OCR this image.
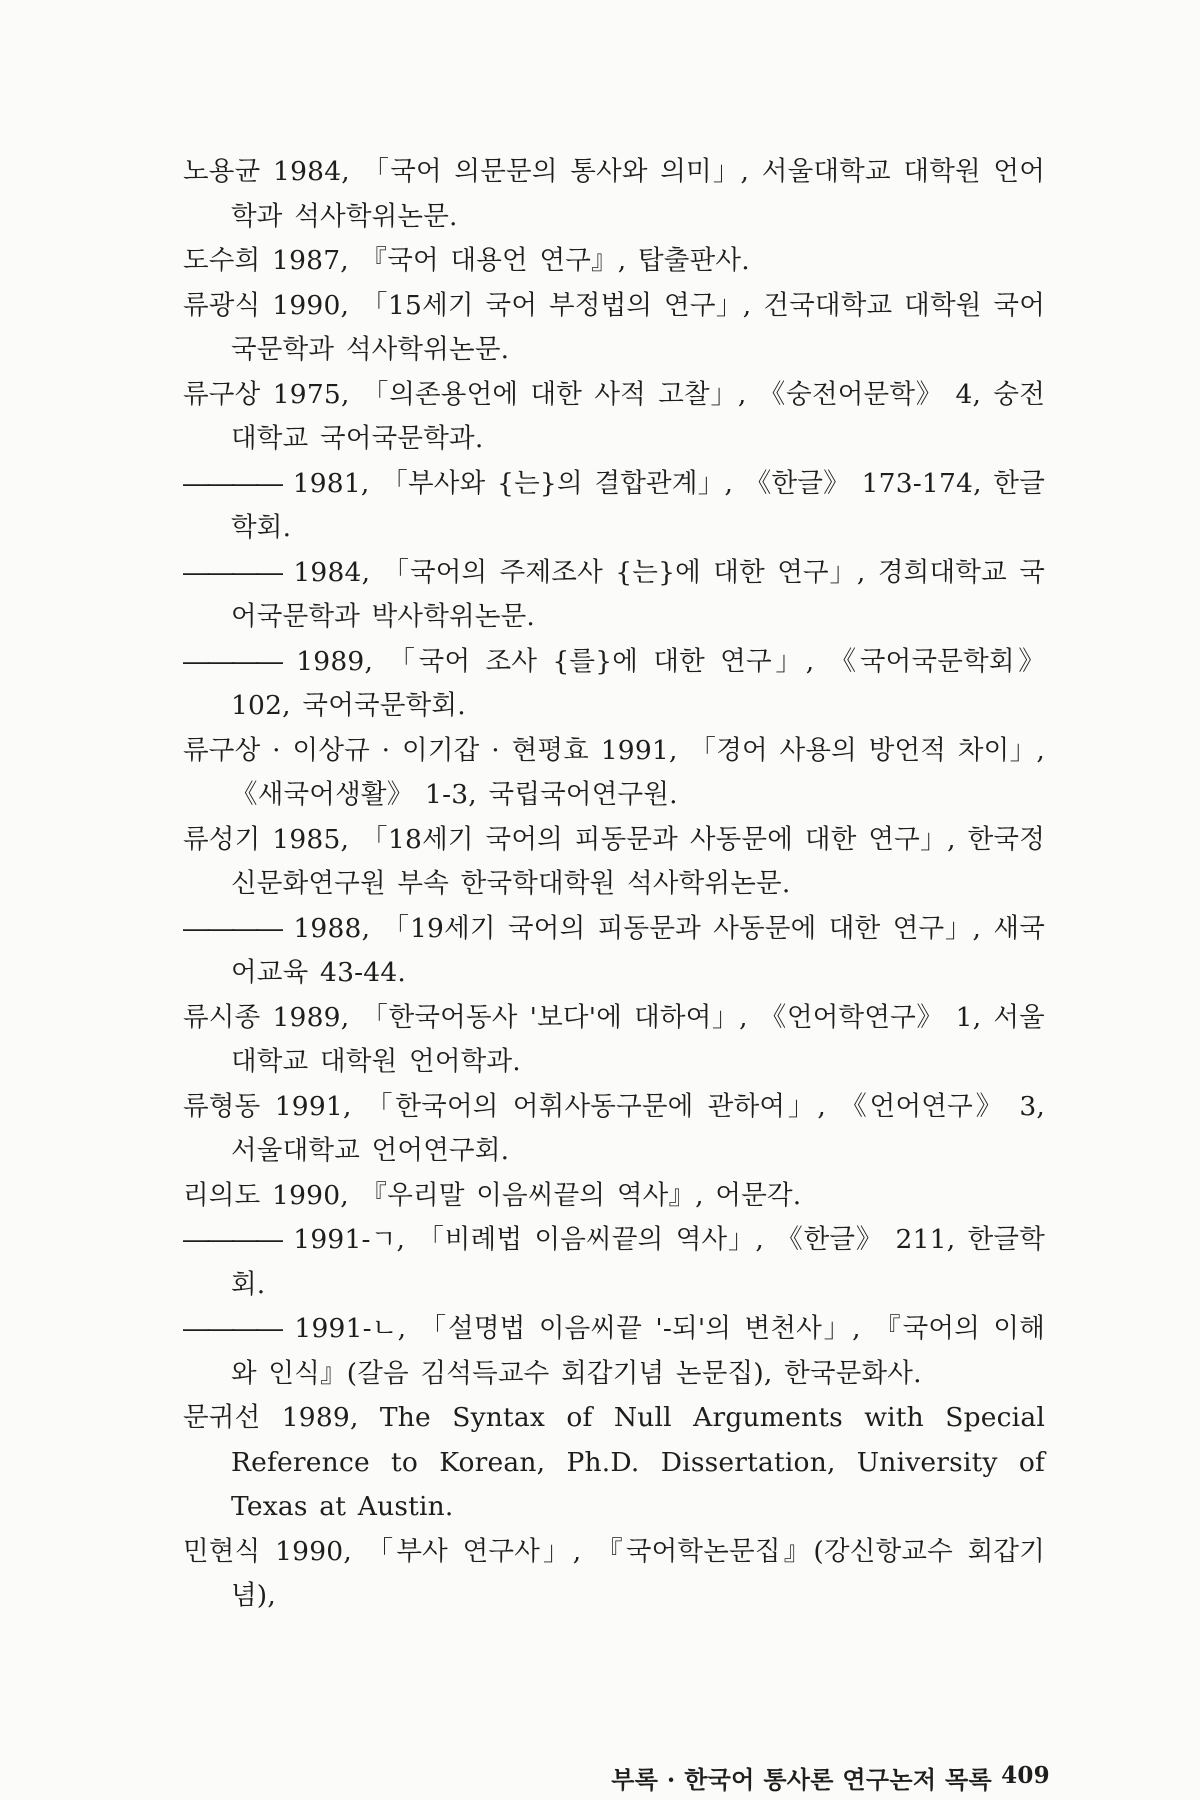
노용균 1984, 「국어 의문문의 통사와 의미」, 서울대학교 대학원 언어학과 석사학위논문.
도수희 1987, 『국어 대용언 연구』, 탑출판사.
류광식 1990, 「15세기 국어 부정법의 연구」, 건국대학교 대학원 국어국문학과 석사학위논문.
류구상 1975, 「의존용언에 대한 사적 고찰」, 《숭전어문학》 4, 숭전대학교 국어국문학과.
―――― 1981, 「부사와 {는}의 결합관계」, 《한글》 173-174, 한글학회.
―――― 1984, 「국어의 주제조사 {는}에 대한 연구」, 경희대학교 국어국문학과 박사학위논문.
―――― 1989, 「국어 조사 {를}에 대한 연구」, 《국어국문학회》 102, 국어국문학회.
류구상 · 이상규 · 이기갑 · 현평효 1991, 「경어 사용의 방언적 차이」, 《새국어생활》 1-3, 국립국어연구원.
류성기 1985, 「18세기 국어의 피동문과 사동문에 대한 연구」, 한국정신문화연구원 부속 한국학대학원 석사학위논문.
―――― 1988, 「19세기 국어의 피동문과 사동문에 대한 연구」, 새국어교육 43-44.
류시종 1989, 「한국어동사 '보다'에 대하여」, 《언어학연구》 1, 서울대학교 대학원 언어학과.
류형동 1991, 「한국어의 어휘사동구문에 관하여」, 《언어연구》 3, 서울대학교 언어연구회.
리의도 1990, 『우리말 이음씨끝의 역사』, 어문각.
―――― 1991-ㄱ, 「비례법 이음씨끝의 역사」, 《한글》 211, 한글학회.
―――― 1991-ㄴ, 「설명법 이음씨끝 '-되'의 변천사」, 『국어의 이해와 인식』(갈음 김석득교수 회갑기념 논문집), 한국문화사.
문귀선 1989, The Syntax of Null Arguments with Special Reference to Korean, Ph.D. Dissertation, University of Texas at Austin.
민현식 1990, 「부사 연구사」, 『국어학논문집』(강신항교수 회갑기념),
부록 · 한국어 통사론 연구논저 목록 409
